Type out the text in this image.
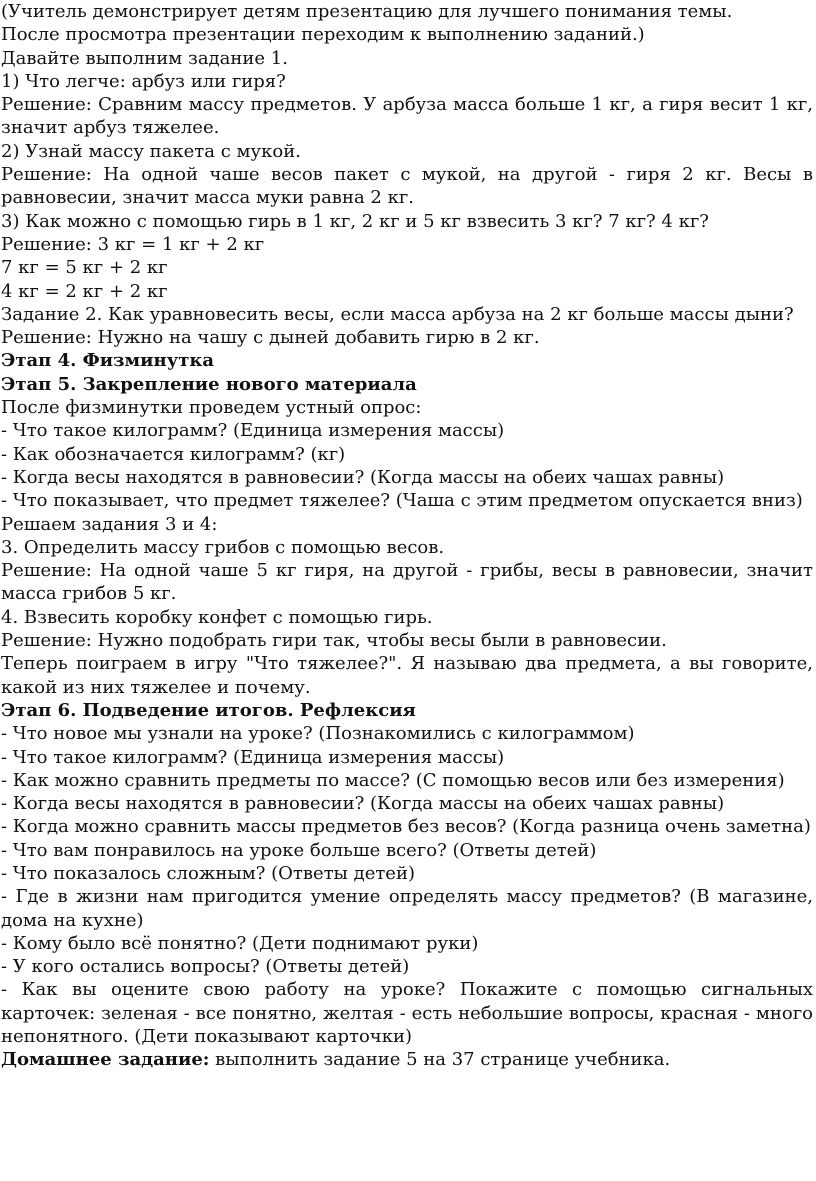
(Учитель демонстрирует детям презентацию для лучшего понимания темы.
После просмотра презентации переходим к выполнению заданий.)
Давайте выполним задание 1.
1) Что легче: арбуз или гиря?
Решение: Сравним массу предметов. У арбуза масса больше 1 кг, а гиря весит 1 кг, значит арбуз тяжелее.
2) Узнай массу пакета с мукой.
Решение: На одной чаше весов пакет с мукой, на другой - гиря 2 кг. Весы в равновесии, значит масса муки равна 2 кг.
3) Как можно с помощью гирь в 1 кг, 2 кг и 5 кг взвесить 3 кг? 7 кг? 4 кг?
Решение: 3 кг = 1 кг + 2 кг
7 кг = 5 кг + 2 кг
4 кг = 2 кг + 2 кг
Задание 2. Как уравновесить весы, если масса арбуза на 2 кг больше массы дыни?
Решение: Нужно на чашу с дыней добавить гирю в 2 кг.
Этап 4. Физминутка
Этап 5. Закрепление нового материала
После физминутки проведем устный опрос:
- Что такое килограмм? (Единица измерения массы)
- Как обозначается килограмм? (кг)
- Когда весы находятся в равновесии? (Когда массы на обеих чашах равны)
- Что показывает, что предмет тяжелее? (Чаша с этим предметом опускается вниз)
Решаем задания 3 и 4:
3. Определить массу грибов с помощью весов.
Решение: На одной чаше 5 кг гиря, на другой - грибы, весы в равновесии, значит масса грибов 5 кг.
4. Взвесить коробку конфет с помощью гирь.
Решение: Нужно подобрать гири так, чтобы весы были в равновесии.
Теперь поиграем в игру "Что тяжелее?". Я называю два предмета, а вы говорите, какой из них тяжелее и почему.
Этап 6. Подведение итогов. Рефлексия
- Что новое мы узнали на уроке? (Познакомились с килограммом)
- Что такое килограмм? (Единица измерения массы)
- Как можно сравнить предметы по массе? (С помощью весов или без измерения)
- Когда весы находятся в равновесии? (Когда массы на обеих чашах равны)
- Когда можно сравнить массы предметов без весов? (Когда разница очень заметна)
- Что вам понравилось на уроке больше всего? (Ответы детей)
- Что показалось сложным? (Ответы детей)
- Где в жизни нам пригодится умение определять массу предметов? (В магазине, дома на кухне)
- Кому было всё понятно? (Дети поднимают руки)
- У кого остались вопросы? (Ответы детей)
- Как вы оцените свою работу на уроке? Покажите с помощью сигнальных карточек: зеленая - все понятно, желтая - есть небольшие вопросы, красная - много непонятного. (Дети показывают карточки)
Домашнее задание: выполнить задание 5 на 37 странице учебника.
